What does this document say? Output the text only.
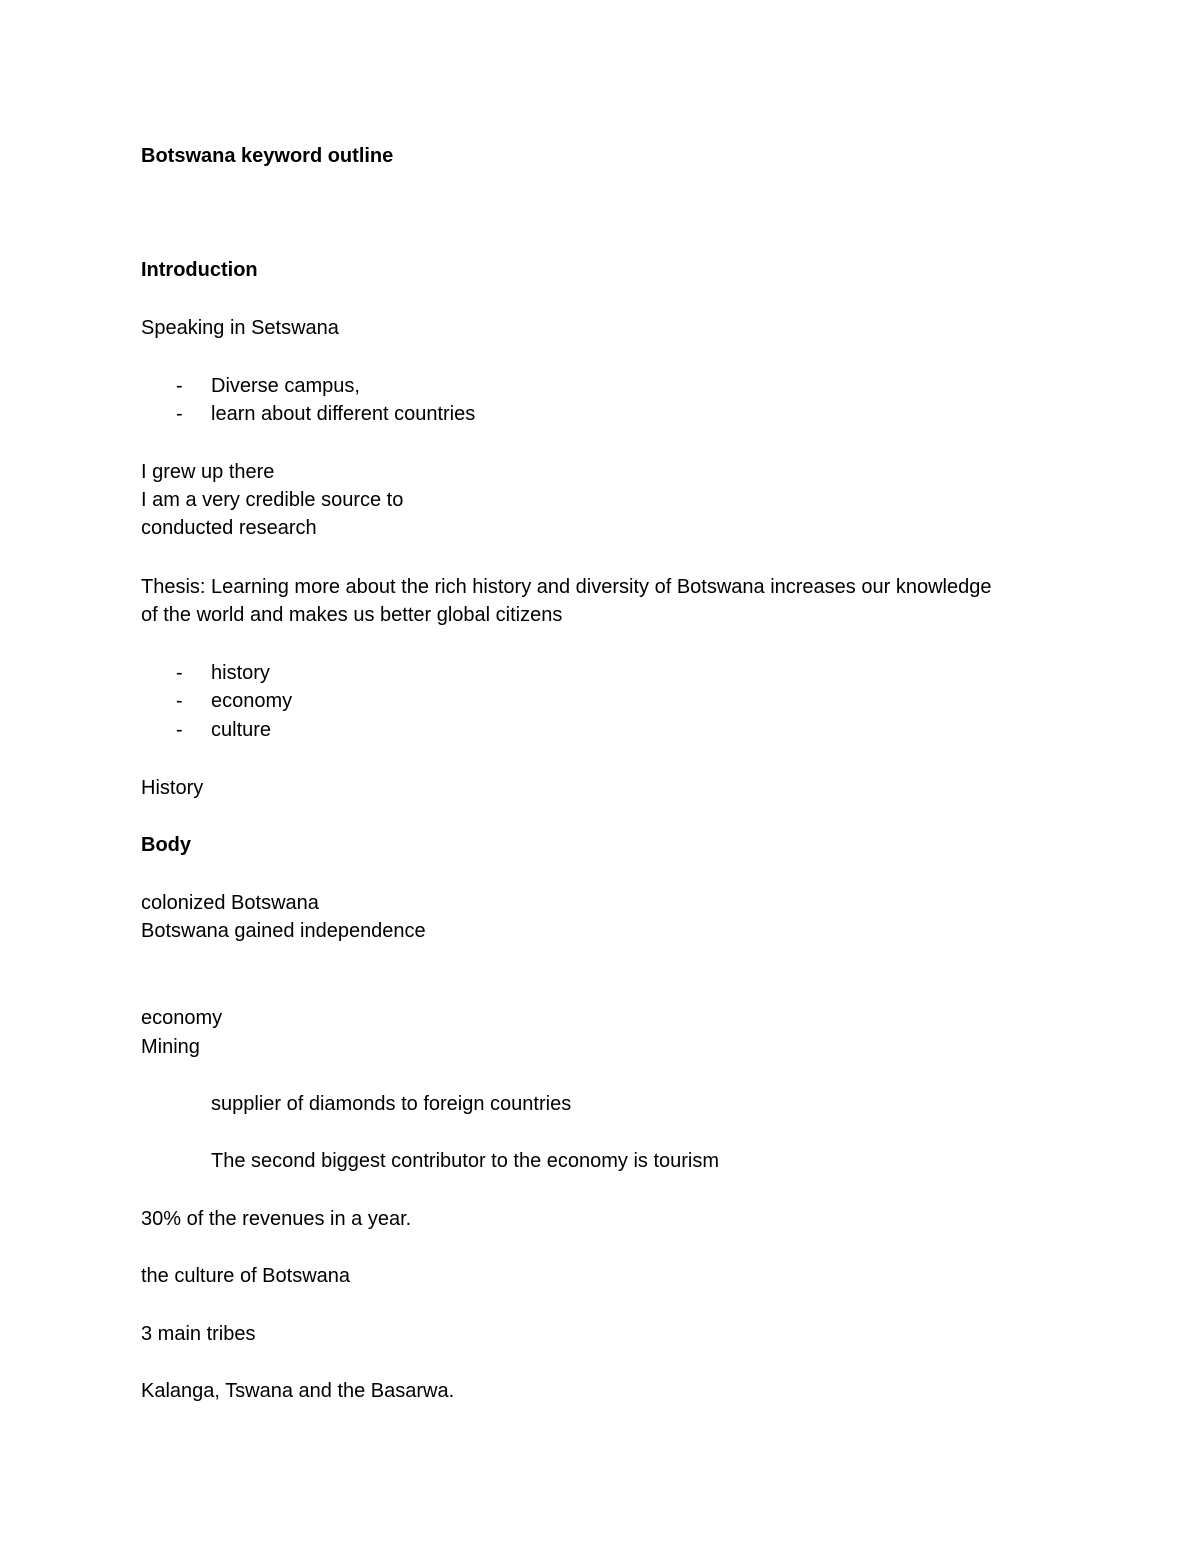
Botswana keyword outline
Introduction
Speaking in Setswana
- Diverse campus,
- learn about different countries
I grew up there
I am a very credible source to
conducted research
Thesis: Learning more about the rich history and diversity of Botswana increases our knowledge
of the world and makes us better global citizens
- history
- economy
- culture
History
Body
colonized Botswana
Botswana gained independence
economy
Mining
supplier of diamonds to foreign countries
The second biggest contributor to the economy is tourism
30% of the revenues in a year.
the culture of Botswana
3 main tribes
Kalanga, Tswana and the Basarwa.
